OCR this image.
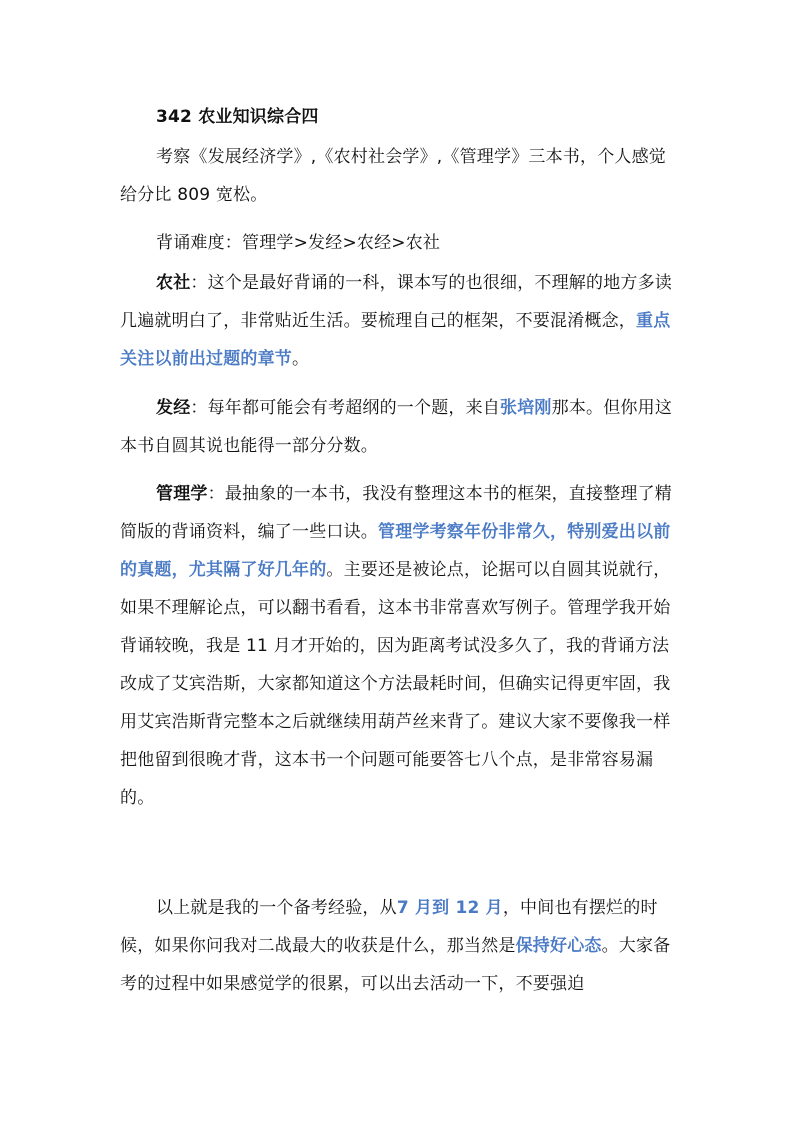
342 农业知识综合四

考察《发展经济学》,《农村社会学》,《管理学》三本书，个人感觉给分比 809 宽松。

背诵难度：管理学>发经>农经>农社

农社：这个是最好背诵的一科，课本写的也很细，不理解的地方多读几遍就明白了，非常贴近生活。要梳理自己的框架，不要混淆概念，重点关注以前出过题的章节。

发经：每年都可能会有考超纲的一个题，来自张培刚那本。但你用这本书自圆其说也能得一部分分数。

管理学：最抽象的一本书，我没有整理这本书的框架，直接整理了精简版的背诵资料，编了一些口诀。管理学考察年份非常久，特别爱出以前的真题，尤其隔了好几年的。主要还是被论点，论据可以自圆其说就行，如果不理解论点，可以翻书看看，这本书非常喜欢写例子。管理学我开始背诵较晚，我是 11 月才开始的，因为距离考试没多久了，我的背诵方法改成了艾宾浩斯，大家都知道这个方法最耗时间，但确实记得更牢固，我用艾宾浩斯背完整本之后就继续用葫芦丝来背了。建议大家不要像我一样把他留到很晚才背，这本书一个问题可能要答七八个点，是非常容易漏的。

以上就是我的一个备考经验，从7 月到 12 月，中间也有摆烂的时候，如果你问我对二战最大的收获是什么，那当然是保持好心态。大家备考的过程中如果感觉学的很累，可以出去活动一下，不要强迫
